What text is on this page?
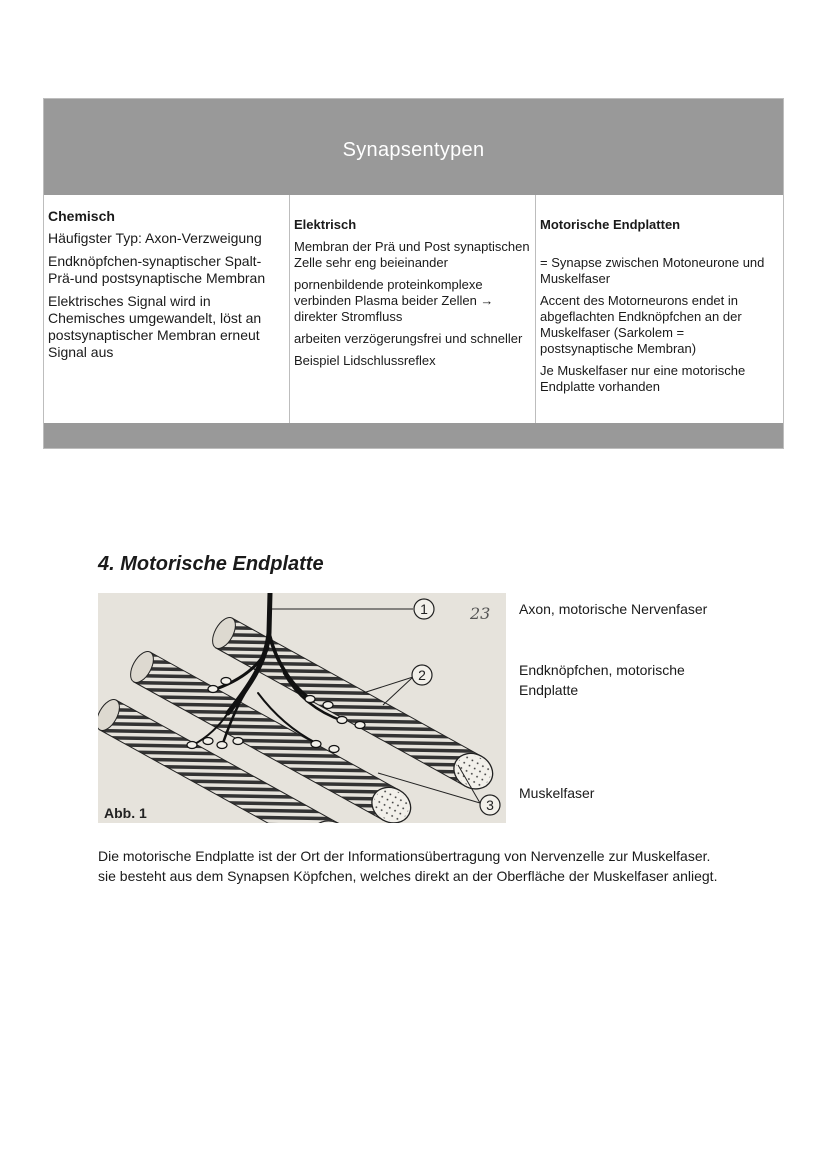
Synapsentypen

Chemisch

Häufigster Typ: Axon-Verzweigung

Endknöpfchen-synaptischer Spalt-Prä-und postsynaptische Membran

Elektrisches Signal wird in Chemisches umgewandelt, löst an postsynaptischer Membran erneut Signal aus

Elektrisch

Membran der Prä und Post synaptischen Zelle sehr eng beieinander

pornenbildende proteinkomplexe verbinden Plasma beider Zellen → direkter Stromfluss

arbeiten verzögerungsfrei und schneller

Beispiel Lidschlussreflex

Motorische Endplatten

= Synapse zwischen Motoneurone und Muskelfaser

Accent des Motorneurons endet in abgeflachten Endknöpfchen an der Muskelfaser (Sarkolem = postsynaptische Membran)

Je Muskelfaser nur eine motorische Endplatte vorhanden

4. Motorische Endplatte
1
2
3
23
Abb. 1
Axon, motorische Nervenfaser
Endknöpfchen, motorische Endplatte
Muskelfaser
Die motorische Endplatte ist der Ort der Informationsübertragung von Nervenzelle zur Muskelfaser.
sie besteht aus dem Synapsen Köpfchen, welches direkt an der Oberfläche der Muskelfaser anliegt.
